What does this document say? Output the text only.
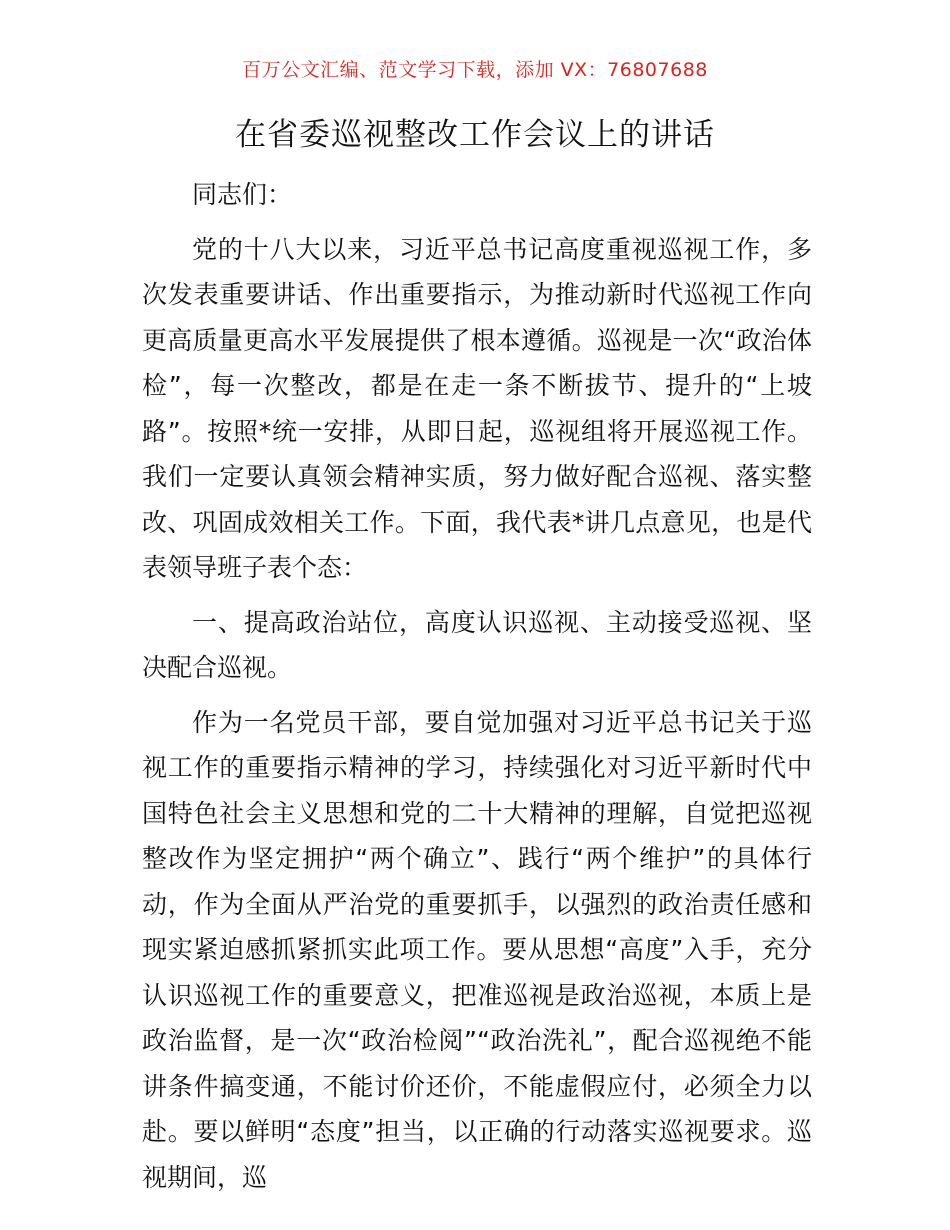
百万公文汇编、范文学习下载，添加 VX：76807688
在省委巡视整改工作会议上的讲话

同志们：

党的十八大以来，习近平总书记高度重视巡视工作，多次发表重要讲话、作出重要指示，为推动新时代巡视工作向更高质量更高水平发展提供了根本遵循。巡视是一次“政治体检”，每一次整改，都是在走一条不断拔节、提升的“上坡路”。按照*统一安排，从即日起，巡视组将开展巡视工作。我们一定要认真领会精神实质，努力做好配合巡视、落实整改、巩固成效相关工作。下面，我代表*讲几点意见，也是代表领导班子表个态：

一、提高政治站位，高度认识巡视、主动接受巡视、坚决配合巡视。

作为一名党员干部，要自觉加强对习近平总书记关于巡视工作的重要指示精神的学习，持续强化对习近平新时代中国特色社会主义思想和党的二十大精神的理解，自觉把巡视整改作为坚定拥护“两个确立”、践行“两个维护”的具体行动，作为全面从严治党的重要抓手，以强烈的政治责任感和现实紧迫感抓紧抓实此项工作。要从思想“高度”入手，充分认识巡视工作的重要意义，把准巡视是政治巡视，本质上是政治监督，是一次“政治检阅”“政治洗礼”，配合巡视绝不能讲条件搞变通，不能讨价还价，不能虚假应付，必须全力以赴。要以鲜明“态度”担当，以正确的行动落实巡视要求。巡视期间，巡
